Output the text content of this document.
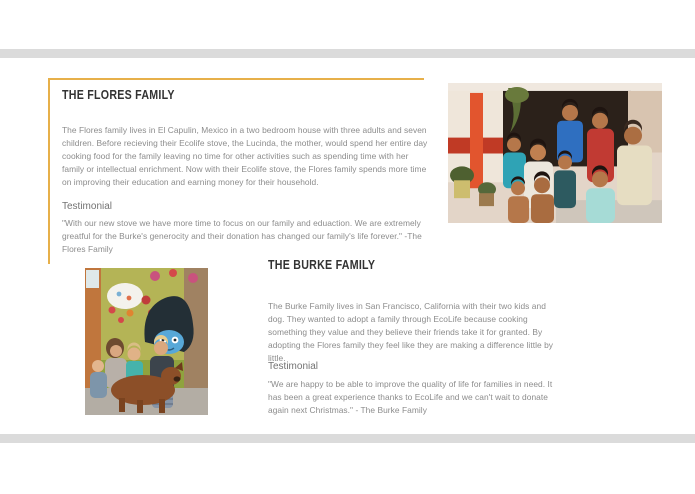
THE FLORES FAMILY

The Flores family lives in El Capulin, Mexico in a two bedroom house with three adults and seven children. Before recieving their Ecolife stove, the Lucinda, the mother, would spend her entire day cooking food for the family leaving no time for other activities such as spending time with her family or intellectual enrichment. Now with their Ecolife stove, the Flores family spends more time on improving their education and earning money for their household.

Testimonial

"With our new stove we have more time to focus on our family and eduaction. We are extremely greatful for the Burke's generocity and their donation has changed our family's life forever." -The Flores Family

THE BURKE FAMILY

The Burke Family lives in San Francisco, California with their two kids and dog. They wanted to adopt a family through EcoLife because cooking something they value and they believe their friends take it for granted. By adopting the Flores family they feel like they are making a difference little by little.

Testimonial

"We are happy to be able to improve the quality of life for families in need. It has been a great experience thanks to EcoLife and we can't wait to donate again next Christmas." - The Burke Family
